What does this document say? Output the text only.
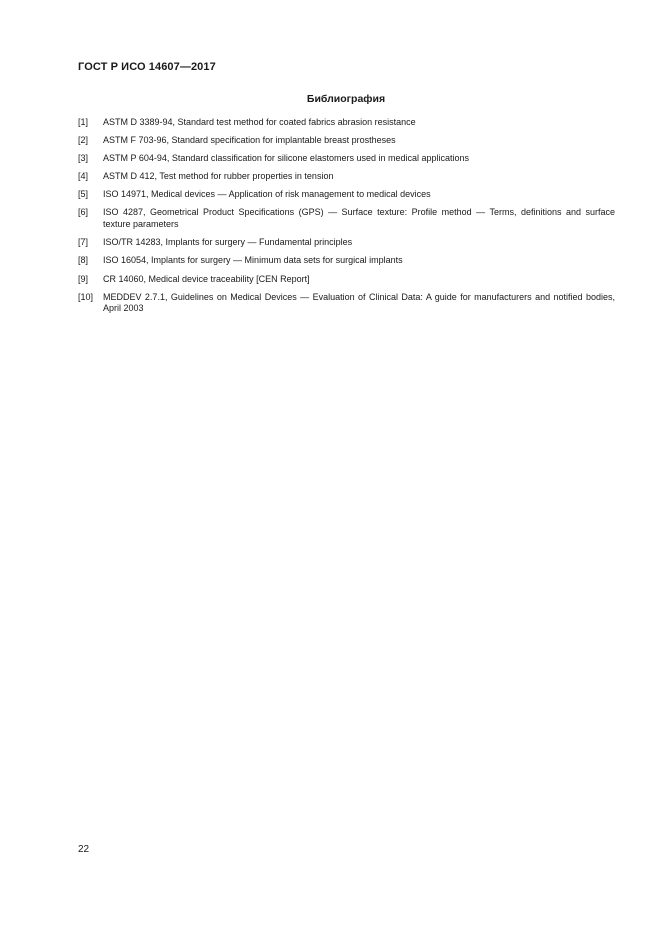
ГОСТ Р ИСО 14607—2017
Библиография
[1]	ASTM D 3389-94, Standard test method for coated fabrics abrasion resistance
[2]	ASTM F 703-96, Standard specification for implantable breast prostheses
[3]	ASTM P 604-94, Standard classification for silicone elastomers used in medical applications
[4]	ASTM D 412, Test method for rubber properties in tension
[5]	ISO 14971, Medical devices — Application of risk management to medical devices
[6]	ISO 4287, Geometrical Product Specifications (GPS) — Surface texture: Profile method — Terms, definitions and surface texture parameters
[7]	ISO/TR 14283, Implants for surgery — Fundamental principles
[8]	ISO 16054, Implants for surgery — Minimum data sets for surgical implants
[9]	CR 14060, Medical device traceability [CEN Report]
[10]	MEDDEV 2.7.1, Guidelines on Medical Devices — Evaluation of Clinical Data: A guide for manufacturers and notified bodies, April 2003
22
